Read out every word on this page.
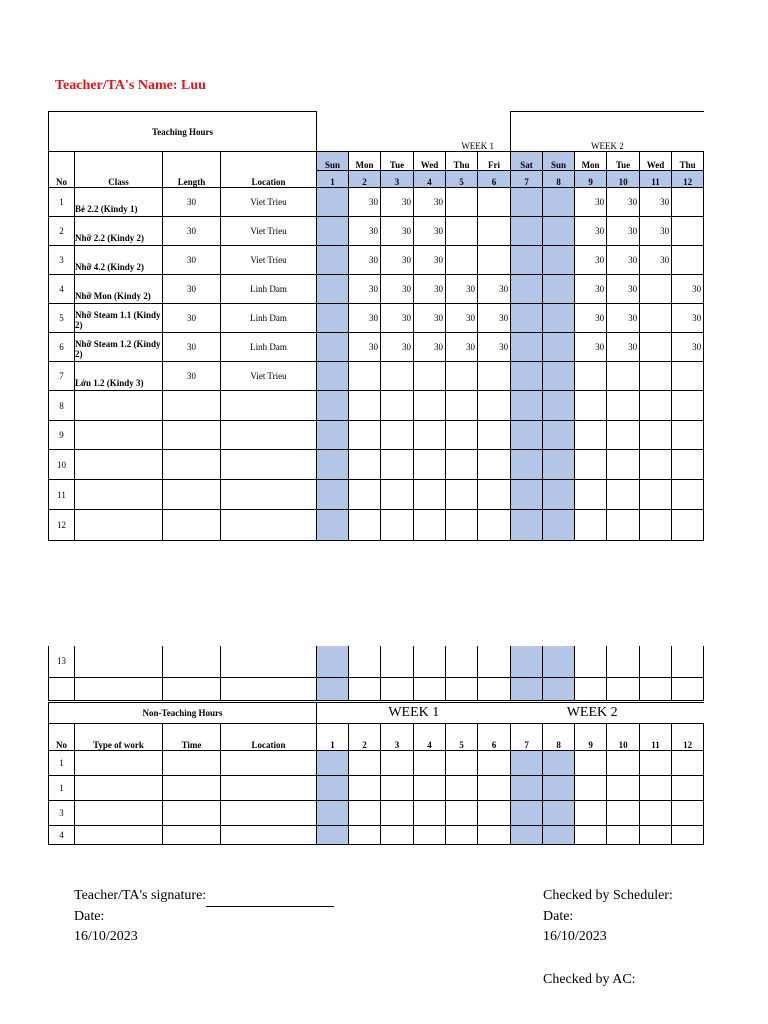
Teacher/TA's Name: Luu
Teaching Hours				WEEK 1						WEEK 2					
No	Class	Length	Location	Sun	Mon	Tue	Wed	Thu	Fri	Sat	Sun	Mon	Tue	Wed	Thu
				1	2	3	4	5	6	7	8	9	10	11	12
1	Bé 2.2 (Kindy 1)	30	Viet Trieu		30	30	30					30	30	30	
2	Nhỡ 2.2 (Kindy 2)	30	Viet Trieu		30	30	30					30	30	30	
3	Nhỡ 4.2 (Kindy 2)	30	Viet Trieu		30	30	30					30	30	30	
4	Nhỡ Mon (Kindy 2)	30	Linh Dam		30	30	30	30	30			30	30		30
5	Nhỡ Steam 1.1 (Kindy 2)	30	Linh Dam		30	30	30	30	30			30	30		30
6	Nhỡ Steam 1.2 (Kindy 2)	30	Linh Dam		30	30	30	30	30			30	30		30
7	Lớn 1.2 (Kindy 3)	30	Viet Trieu												
8															
9															
10															
11															
12															
13															

Non-Teaching Hours				WEEK 1						WEEK 2					
No	Type of work	Time	Location	1	2	3	4	5	6	7	8	9	10	11	12
1															
1															
3															
4															
Teacher/TA's signature:
Date:
16/10/2023
Checked by Scheduler:
Date:
16/10/2023
Checked by AC:
